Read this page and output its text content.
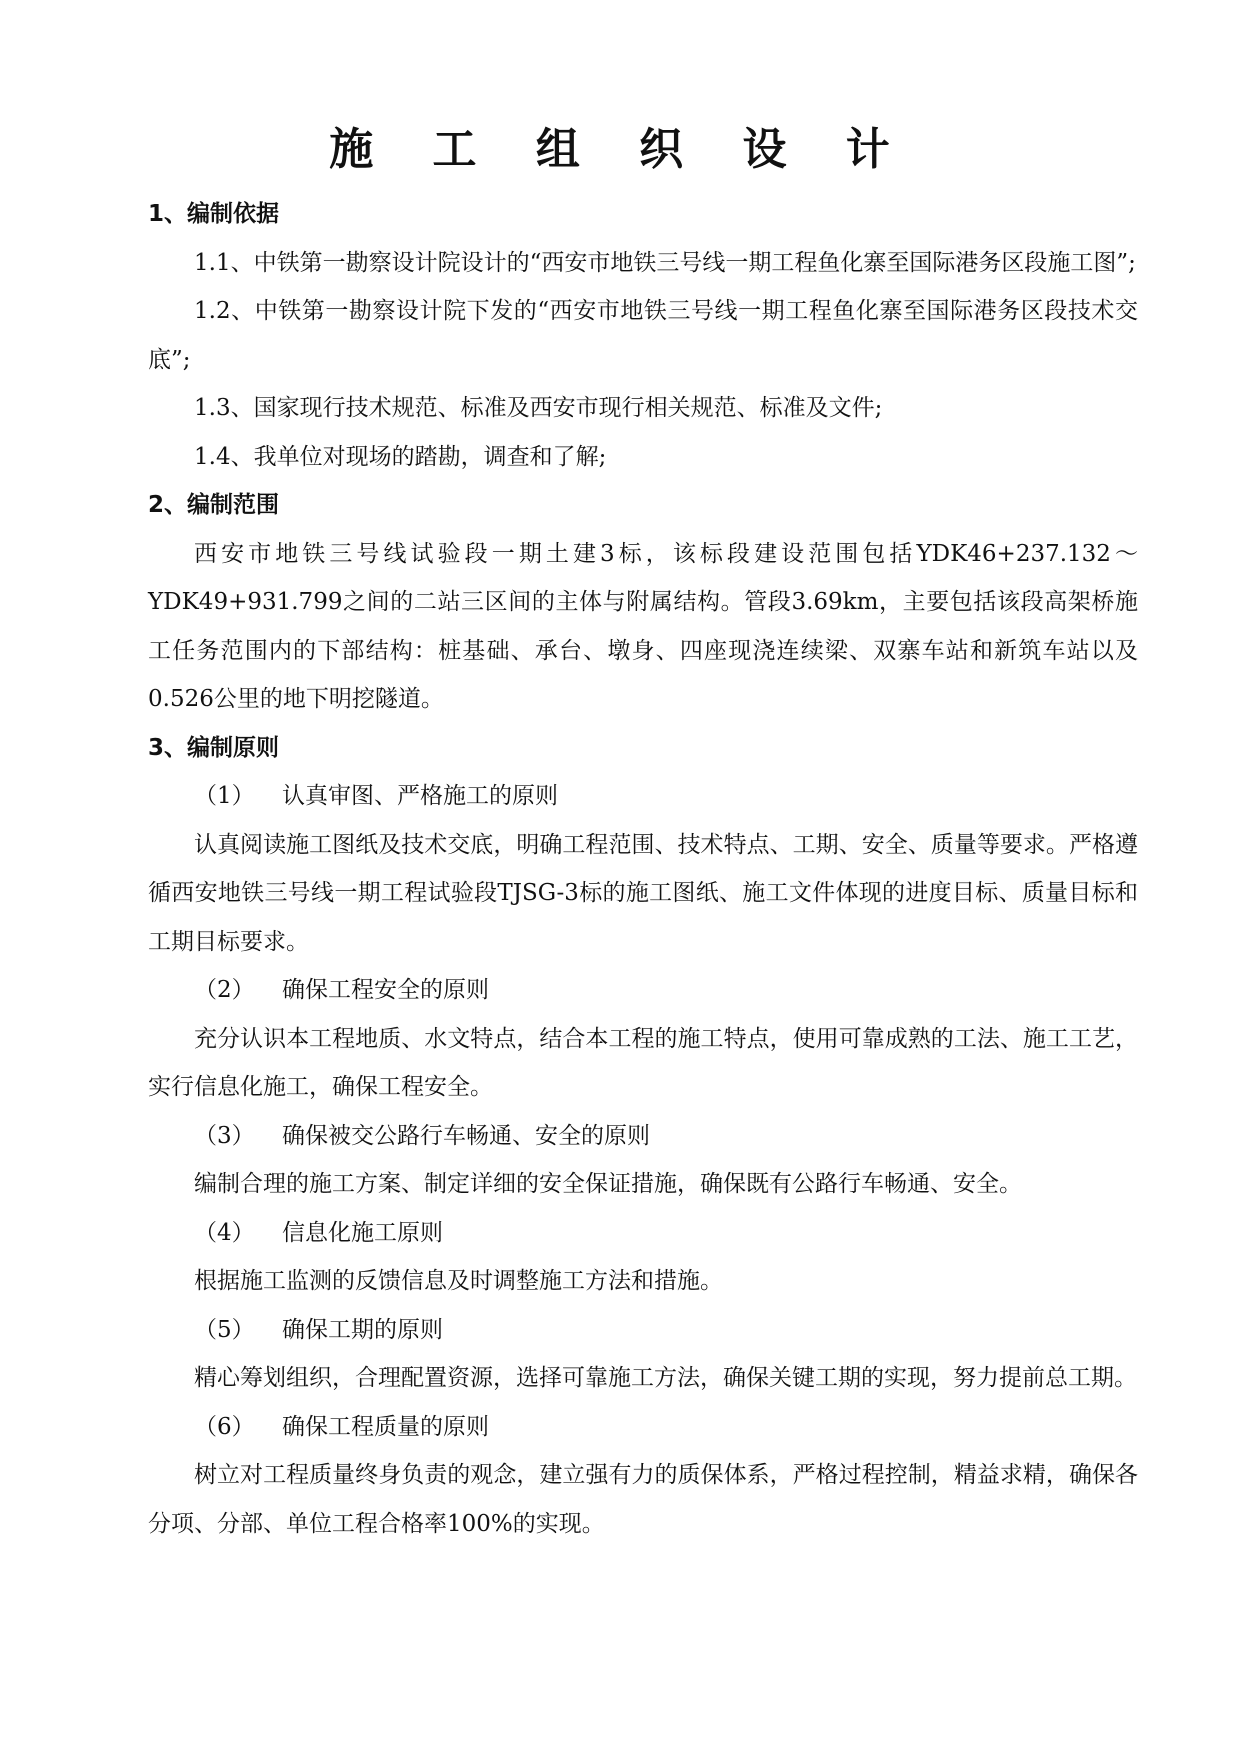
施 工 组 织 设 计
1、编制依据
1.1、中铁第一勘察设计院设计的“西安市地铁三号线一期工程鱼化寨至国际港务区段施工图”;
1.2、中铁第一勘察设计院下发的“西安市地铁三号线一期工程鱼化寨至国际港务区段技术交底”;
1.3、国家现行技术规范、标准及西安市现行相关规范、标准及文件;
1.4、我单位对现场的踏勘，调查和了解;
2、编制范围
西安市地铁三号线试验段一期土建3标，该标段建设范围包括YDK46+237.132～YDK49+931.799之间的二站三区间的主体与附属结构。管段3.69km，主要包括该段高架桥施工任务范围内的下部结构：桩基础、承台、墩身、四座现浇连续梁、双寨车站和新筑车站以及0.526公里的地下明挖隧道。
3、编制原则
（1） 认真审图、严格施工的原则
认真阅读施工图纸及技术交底，明确工程范围、技术特点、工期、安全、质量等要求。严格遵循西安地铁三号线一期工程试验段TJSG-3标的施工图纸、施工文件体现的进度目标、质量目标和工期目标要求。
（2） 确保工程安全的原则
充分认识本工程地质、水文特点，结合本工程的施工特点，使用可靠成熟的工法、施工工艺，实行信息化施工，确保工程安全。
（3） 确保被交公路行车畅通、安全的原则
编制合理的施工方案、制定详细的安全保证措施，确保既有公路行车畅通、安全。
（4） 信息化施工原则
根据施工监测的反馈信息及时调整施工方法和措施。
（5） 确保工期的原则
精心筹划组织，合理配置资源，选择可靠施工方法，确保关键工期的实现，努力提前总工期。
（6） 确保工程质量的原则
树立对工程质量终身负责的观念，建立强有力的质保体系，严格过程控制，精益求精，确保各分项、分部、单位工程合格率100%的实现。
